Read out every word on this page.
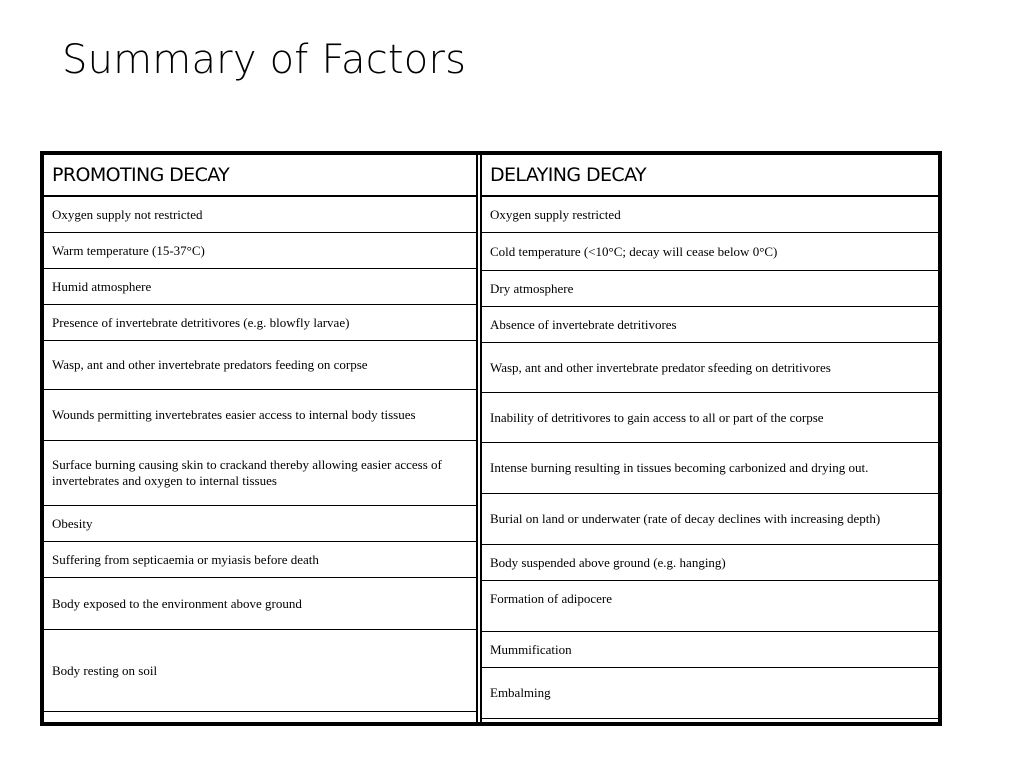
Summary of Factors
PROMOTING DECAY
Oxygen supply not restricted
Warm temperature (15-37°C)
Humid atmosphere
Presence of invertebrate detritivores (e.g. blowfly larvae)
Wasp, ant and other invertebrate predators feeding on corpse
Wounds permitting invertebrates easier access to internal body tissues
Surface burning causing skin to crackand thereby allowing easier access of invertebrates and oxygen to internal tissues
Obesity
Suffering from septicaemia or myiasis before death
Body exposed to the environment above ground
Body resting on soil
DELAYING DECAY
Oxygen supply restricted
Cold temperature (<10°C; decay will cease below 0°C)
Dry atmosphere
Absence of invertebrate detritivores
Wasp, ant and other invertebrate predator sfeeding on detritivores
Inability of detritivores to gain access to all or part of the corpse
Intense burning resulting in tissues becoming carbonized and drying out.
Burial on land or underwater (rate of decay declines with increasing depth)
Body suspended above ground (e.g. hanging)
Formation of adipocere
Mummification
Embalming
